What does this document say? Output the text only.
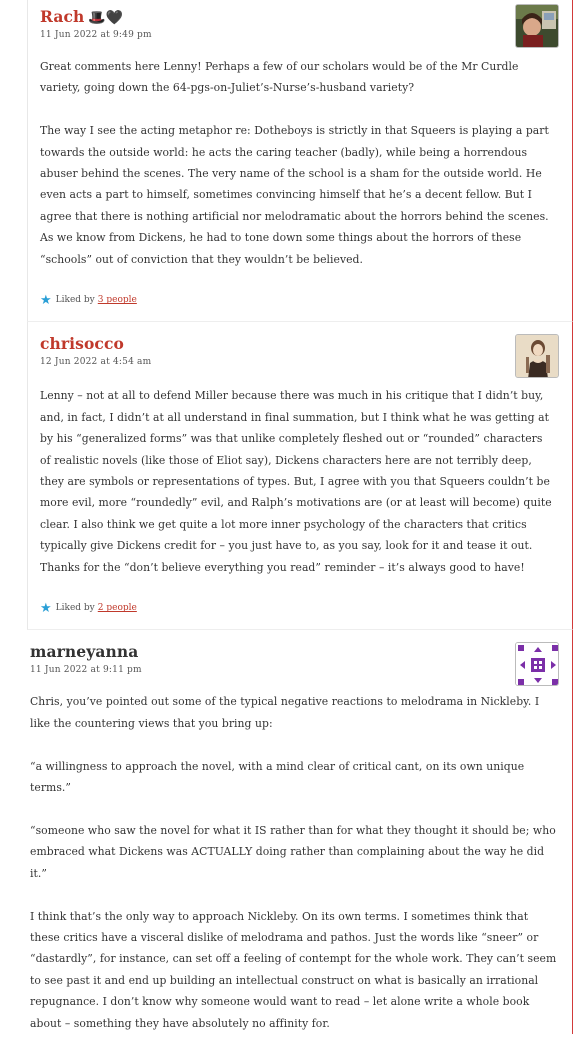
Rach 🎩🖤
11 Jun 2022 at 9:49 pm

Great comments here Lenny! Perhaps a few of our scholars would be of the Mr Curdle variety, going down the 64-pgs-on-Juliet’s-Nurse’s-husband variety?

The way I see the acting metaphor re: Dotheboys is strictly in that Squeers is playing a part towards the outside world: he acts the caring teacher (badly), while being a horrendous abuser behind the scenes. The very name of the school is a sham for the outside world. He even acts a part to himself, sometimes convincing himself that he’s a decent fellow. But I agree that there is nothing artificial nor melodramatic about the horrors behind the scenes. As we know from Dickens, he had to tone down some things about the horrors of these “schools” out of conviction that they wouldn’t be believed.

★ Liked by 3 people
chrisocco
12 Jun 2022 at 4:54 am

Lenny – not at all to defend Miller because there was much in his critique that I didn’t buy, and, in fact, I didn’t at all understand in final summation, but I think what he was getting at by his “generalized forms” was that unlike completely fleshed out or “rounded” characters of realistic novels (like those of Eliot say), Dickens characters here are not terribly deep, they are symbols or representations of types. But, I agree with you that Squeers couldn’t be more evil, more “roundedly” evil, and Ralph’s motivations are (or at least will become) quite clear. I also think we get quite a lot more inner psychology of the characters that critics typically give Dickens credit for – you just have to, as you say, look for it and tease it out.
Thanks for the “don’t believe everything you read” reminder – it’s always good to have!

★ Liked by 2 people
marneyanna
11 Jun 2022 at 9:11 pm

Chris, you’ve pointed out some of the typical negative reactions to melodrama in Nickleby. I like the countering views that you bring up:

“a willingness to approach the novel, with a mind clear of critical cant, on its own unique terms.”

“someone who saw the novel for what it IS rather than for what they thought it should be; who embraced what Dickens was ACTUALLY doing rather than complaining about the way he did it.”

I think that’s the only way to approach Nickleby. On its own terms. I sometimes think that these critics have a visceral dislike of melodrama and pathos. Just the words like “sneer” or “dastardly”, for instance, can set off a feeling of contempt for the whole work. They can’t seem to see past it and end up building an intellectual construct on what is basically an irrational repugnance. I don’t know why someone would want to read – let alone write a whole book about – something they have absolutely no affinity for.
